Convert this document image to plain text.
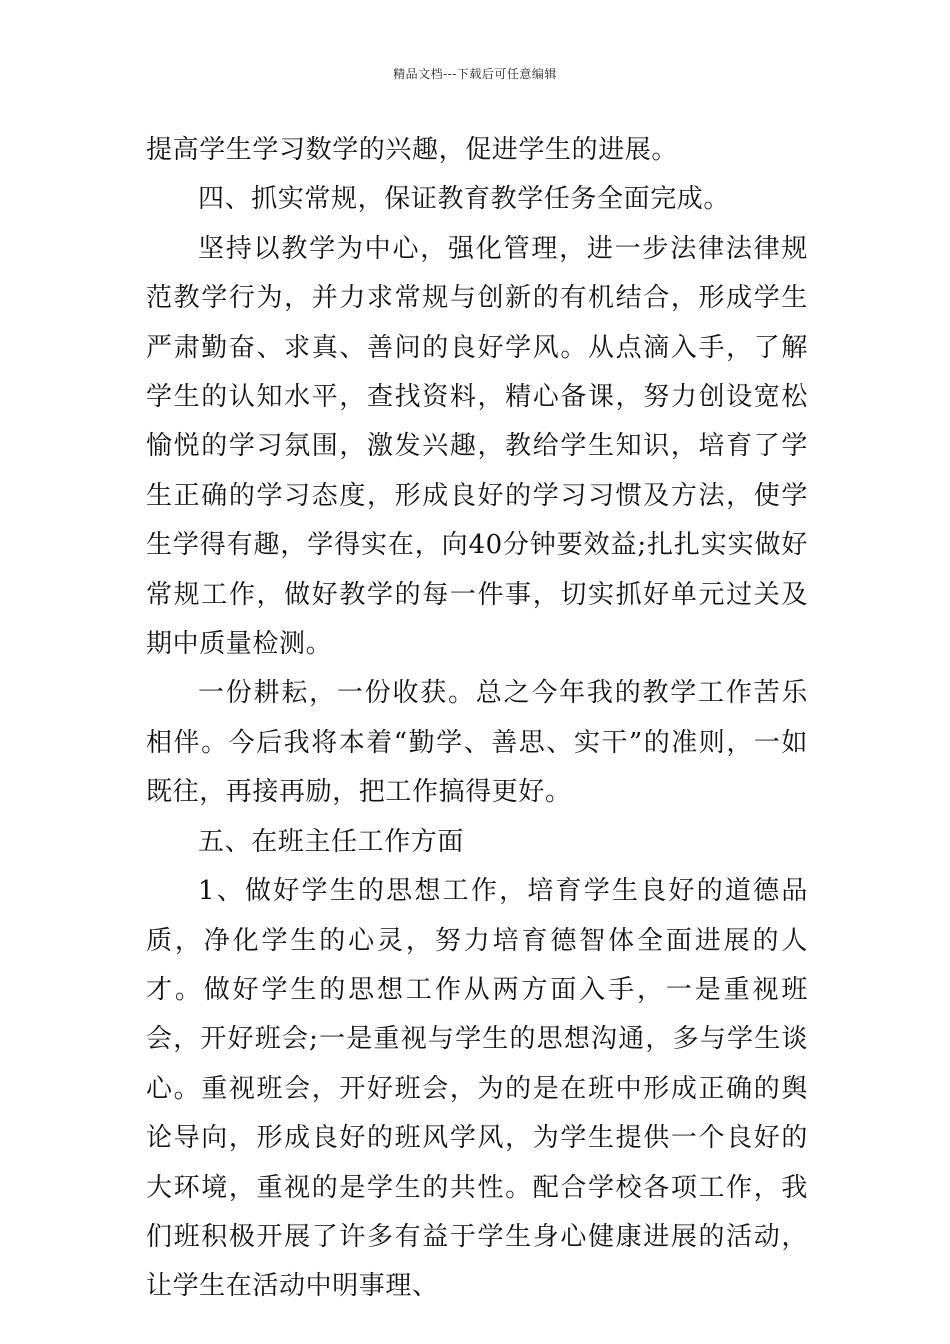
精品文档---下载后可任意编辑

提高学生学习数学的兴趣，促进学生的进展。

四、抓实常规，保证教育教学任务全面完成。

坚持以教学为中心，强化管理，进一步法律法律规范教学行为，并力求常规与创新的有机结合，形成学生严肃勤奋、求真、善问的良好学风。从点滴入手，了解学生的认知水平，查找资料，精心备课，努力创设宽松愉悦的学习氛围，激发兴趣，教给学生知识，培育了学生正确的学习态度，形成良好的学习习惯及方法，使学生学得有趣，学得实在，向40分钟要效益;扎扎实实做好常规工作，做好教学的每一件事，切实抓好单元过关及期中质量检测。

一份耕耘，一份收获。总之今年我的教学工作苦乐相伴。今后我将本着“勤学、善思、实干”的准则，一如既往，再接再励，把工作搞得更好。

五、在班主任工作方面

1、做好学生的思想工作，培育学生良好的道德品质，净化学生的心灵，努力培育德智体全面进展的人才。做好学生的思想工作从两方面入手，一是重视班会，开好班会;一是重视与学生的思想沟通，多与学生谈心。重视班会，开好班会，为的是在班中形成正确的舆论导向，形成良好的班风学风，为学生提供一个良好的大环境，重视的是学生的共性。配合学校各项工作，我们班积极开展了许多有益于学生身心健康进展的活动，让学生在活动中明事理、
